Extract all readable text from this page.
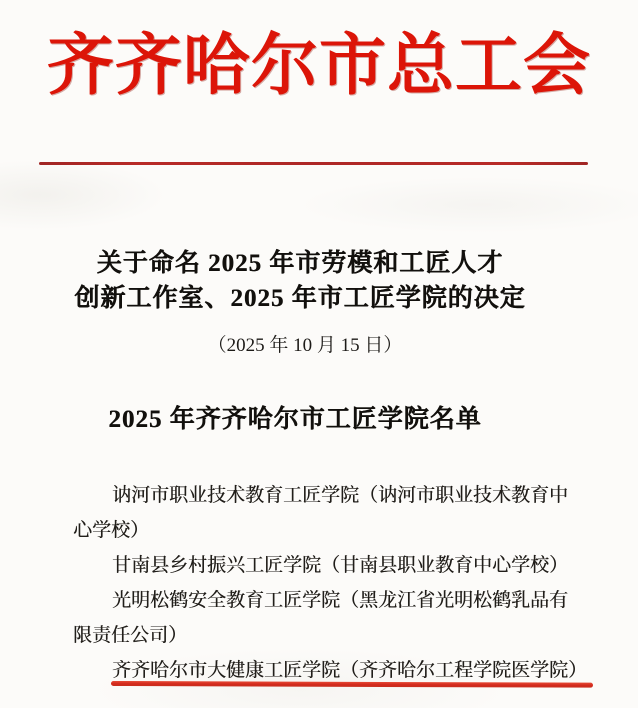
齐齐哈尔市总工会
关于命名 2025 年市劳模和工匠人才
创新工作室、2025 年市工匠学院的决定
（2025 年 10 月 15 日）
2025 年齐齐哈尔市工匠学院名单
讷河市职业技术教育工匠学院（讷河市职业技术教育中
心学校）
甘南县乡村振兴工匠学院（甘南县职业教育中心学校）
光明松鹤安全教育工匠学院（黑龙江省光明松鹤乳品有
限责任公司）
齐齐哈尔市大健康工匠学院（齐齐哈尔工程学院医学院）
